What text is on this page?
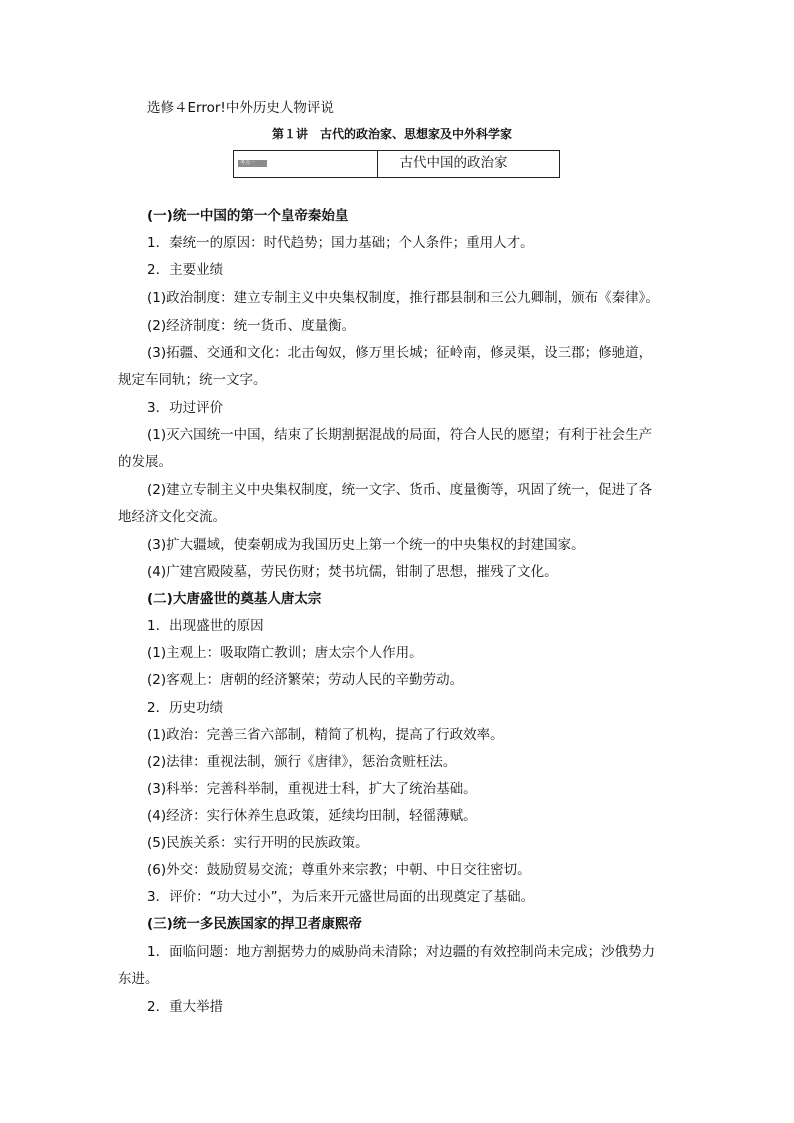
选修４Error!中外历史人物评说
第１讲　古代的政治家、思想家及中外科学家
考点一	古代中国的政治家
(一)统一中国的第一个皇帝秦始皇
1．秦统一的原因：时代趋势；国力基础；个人条件；重用人才。
2．主要业绩
(1)政治制度：建立专制主义中央集权制度，推行郡县制和三公九卿制，颁布《秦律》。
(2)经济制度：统一货币、度量衡。
(3)拓疆、交通和文化：北击匈奴，修万里长城；征岭南，修灵渠，设三郡；修驰道，
规定车同轨；统一文字。
3．功过评价
(1)灭六国统一中国，结束了长期割据混战的局面，符合人民的愿望；有利于社会生产
的发展。
(2)建立专制主义中央集权制度，统一文字、货币、度量衡等，巩固了统一，促进了各
地经济文化交流。
(3)扩大疆域，使秦朝成为我国历史上第一个统一的中央集权的封建国家。
(4)广建宫殿陵墓，劳民伤财；焚书坑儒，钳制了思想，摧残了文化。
(二)大唐盛世的奠基人唐太宗
1．出现盛世的原因
(1)主观上：吸取隋亡教训；唐太宗个人作用。
(2)客观上：唐朝的经济繁荣；劳动人民的辛勤劳动。
2．历史功绩
(1)政治：完善三省六部制，精简了机构，提高了行政效率。
(2)法律：重视法制，颁行《唐律》，惩治贪赃枉法。
(3)科举：完善科举制，重视进士科，扩大了统治基础。
(4)经济：实行休养生息政策，延续均田制，轻徭薄赋。
(5)民族关系：实行开明的民族政策。
(6)外交：鼓励贸易交流；尊重外来宗教；中朝、中日交往密切。
3．评价：“功大过小”，为后来开元盛世局面的出现奠定了基础。
(三)统一多民族国家的捍卫者康熙帝
1．面临问题：地方割据势力的威胁尚未清除；对边疆的有效控制尚未完成；沙俄势力
东进。
2．重大举措
